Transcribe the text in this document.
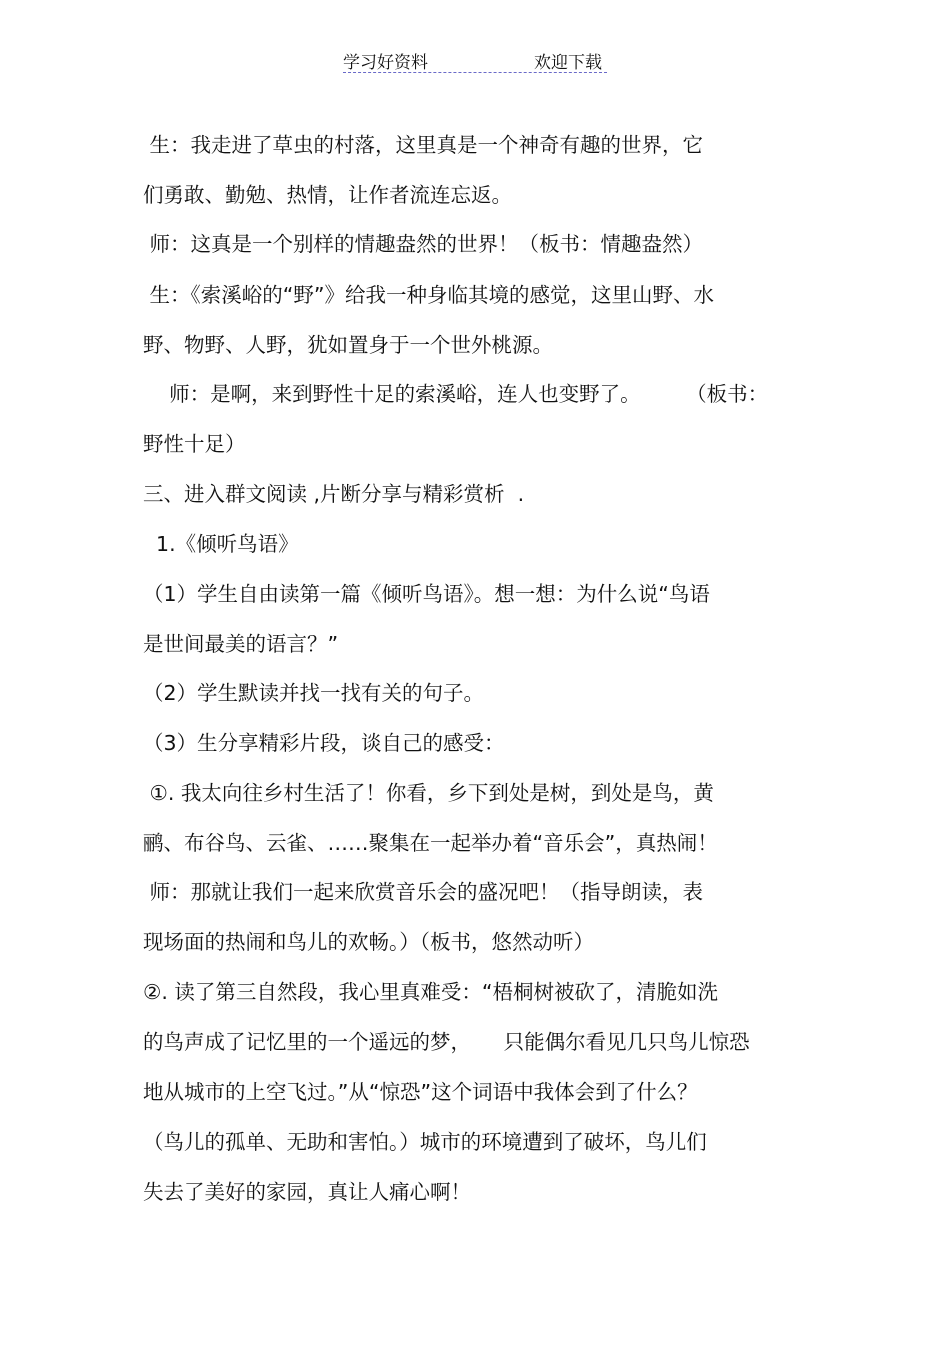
学习好资料	欢迎下载
生：我走进了草虫的村落，这里真是一个神奇有趣的世界，它
们勇敢、勤勉、热情，让作者流连忘返。
师：这真是一个别样的情趣盎然的世界！（板书：情趣盎然）
生：《索溪峪的“野”》给我一种身临其境的感觉，这里山野、水
野、物野、人野，犹如置身于一个世外桃源。
师：是啊，来到野性十足的索溪峪，连人也变野了。       （板书：
野性十足）
三、进入群文阅读 ,片断分享与精彩赏析  .
1.《倾听鸟语》
（1）学生自由读第一篇《倾听鸟语》。想一想：为什么说“鸟语
是世间最美的语言？”
（2）学生默读并找一找有关的句子。
（3）生分享精彩片段，谈自己的感受：
①. 我太向往乡村生活了！你看，乡下到处是树，到处是鸟，黄
鹂、布谷鸟、云雀、……聚集在一起举办着“音乐会”，真热闹！
师：那就让我们一起来欣赏音乐会的盛况吧！（指导朗读，表
现场面的热闹和鸟儿的欢畅。）（板书，悠然动听）
②. 读了第三自然段，我心里真难受：“梧桐树被砍了，清脆如洗
的鸟声成了记忆里的一个遥远的梦，     只能偶尔看见几只鸟儿惊恐
地从城市的上空飞过。”从“惊恐”这个词语中我体会到了什么？
（鸟儿的孤单、无助和害怕。）城市的环境遭到了破坏，鸟儿们
失去了美好的家园，真让人痛心啊！
